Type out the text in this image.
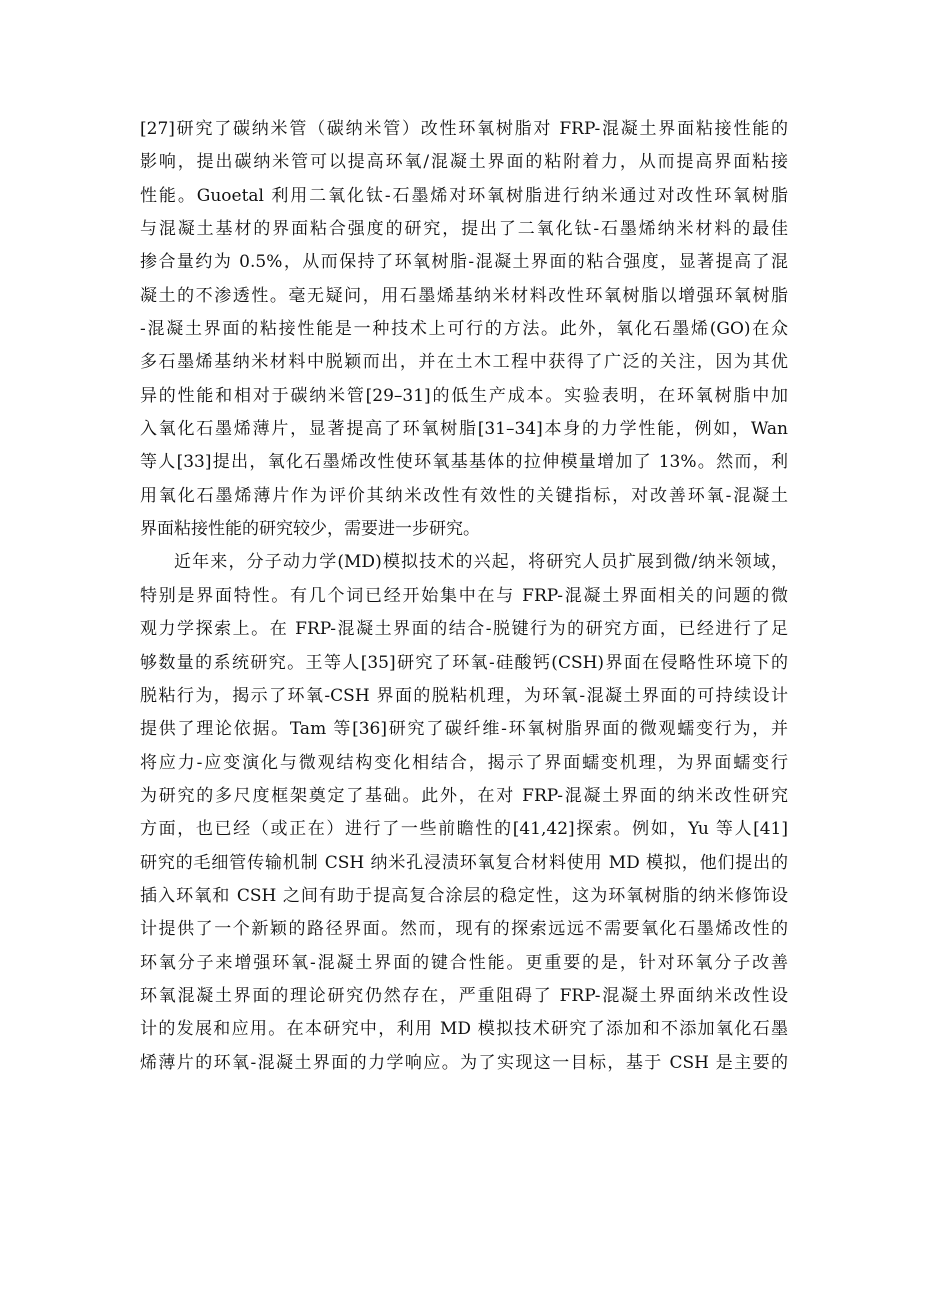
[27]研究了碳纳米管（碳纳米管）改性环氧树脂对 FRP-混凝土界面粘接性能的
影响，提出碳纳米管可以提高环氧/混凝土界面的粘附着力，从而提高界面粘接
性能。Guoetal 利用二氧化钛-石墨烯对环氧树脂进行纳米通过对改性环氧树脂
与混凝土基材的界面粘合强度的研究，提出了二氧化钛-石墨烯纳米材料的最佳
掺合量约为 0.5%，从而保持了环氧树脂-混凝土界面的粘合强度，显著提高了混
凝土的不渗透性。毫无疑问，用石墨烯基纳米材料改性环氧树脂以增强环氧树脂
-混凝土界面的粘接性能是一种技术上可行的方法。此外，氧化石墨烯(GO)在众
多石墨烯基纳米材料中脱颖而出，并在土木工程中获得了广泛的关注，因为其优
异的性能和相对于碳纳米管[29–31]的低生产成本。实验表明，在环氧树脂中加
入氧化石墨烯薄片，显著提高了环氧树脂[31–34]本身的力学性能，例如，Wan
等人[33]提出，氧化石墨烯改性使环氧基基体的拉伸模量增加了 13%。然而，利
用氧化石墨烯薄片作为评价其纳米改性有效性的关键指标，对改善环氧-混凝土
界面粘接性能的研究较少，需要进一步研究。
近年来，分子动力学(MD)模拟技术的兴起，将研究人员扩展到微/纳米领域，
特别是界面特性。有几个词已经开始集中在与 FRP-混凝土界面相关的问题的微
观力学探索上。在 FRP-混凝土界面的结合-脱键行为的研究方面，已经进行了足
够数量的系统研究。王等人[35]研究了环氧-硅酸钙(CSH)界面在侵略性环境下的
脱粘行为，揭示了环氧-CSH 界面的脱粘机理，为环氧-混凝土界面的可持续设计
提供了理论依据。Tam 等[36]研究了碳纤维-环氧树脂界面的微观蠕变行为，并
将应力-应变演化与微观结构变化相结合，揭示了界面蠕变机理，为界面蠕变行
为研究的多尺度框架奠定了基础。此外，在对 FRP-混凝土界面的纳米改性研究
方面，也已经（或正在）进行了一些前瞻性的[41,42]探索。例如，Yu 等人[41]
研究的毛细管传输机制 CSH 纳米孔浸渍环氧复合材料使用 MD 模拟，他们提出的
插入环氧和 CSH 之间有助于提高复合涂层的稳定性，这为环氧树脂的纳米修饰设
计提供了一个新颖的路径界面。然而，现有的探索远远不需要氧化石墨烯改性的
环氧分子来增强环氧-混凝土界面的键合性能。更重要的是，针对环氧分子改善
环氧混凝土界面的理论研究仍然存在，严重阻碍了 FRP-混凝土界面纳米改性设
计的发展和应用。在本研究中，利用 MD 模拟技术研究了添加和不添加氧化石墨
烯薄片的环氧-混凝土界面的力学响应。为了实现这一目标，基于 CSH 是主要的
